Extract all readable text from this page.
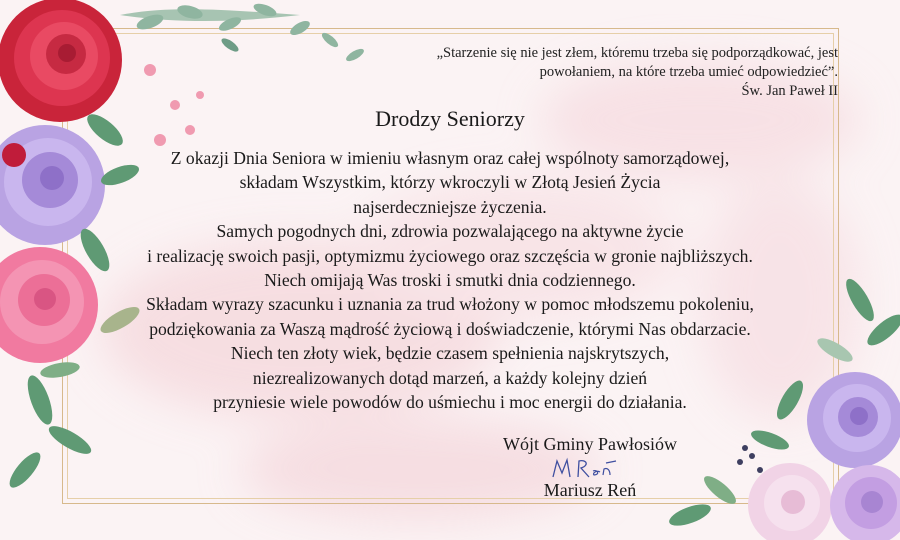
„Starzenie się nie jest złem, któremu trzeba się podporządkować, jest
powołaniem, na które trzeba umieć odpowiedzieć”.
Św. Jan Paweł II
Drodzy Seniorzy
Z okazji Dnia Seniora w imieniu własnym oraz całej wspólnoty samorządowej,
składam Wszystkim, którzy wkroczyli w Złotą Jesień Życia
najserdeczniejsze życzenia.
Samych pogodnych dni, zdrowia pozwalającego na aktywne życie
i realizację swoich pasji, optymizmu życiowego oraz szczęścia w gronie najbliższych.
Niech omijają Was troski i smutki dnia codziennego.
Składam wyrazy szacunku i uznania za trud włożony w pomoc młodszemu pokoleniu,
podziękowania za Waszą mądrość życiową i doświadczenie, którymi Nas obdarzacie.
Niech ten złoty wiek, będzie czasem spełnienia najskrytszych,
niezrealizowanych dotąd marzeń, a każdy kolejny dzień
przyniesie wiele powodów do uśmiechu i moc energii do działania.
Wójt Gminy Pawłosiów
Mariusz Reń
